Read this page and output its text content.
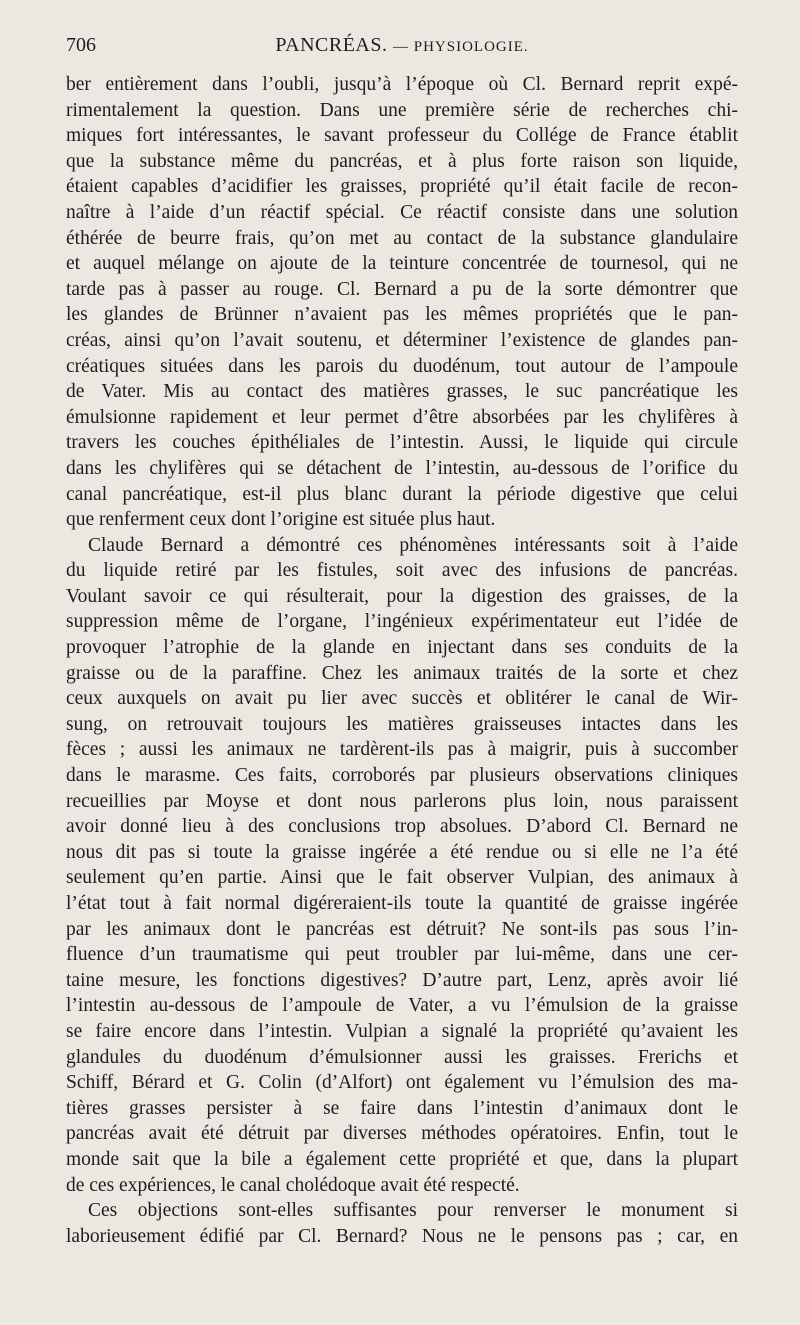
706	PANCRÉAS. — PHYSIOLOGIE.
ber entièrement dans l’oubli, jusqu’à l’époque où Cl. Bernard reprit expé-
rimentalement la question. Dans une première série de recherches chi-
miques fort intéressantes, le savant professeur du Collége de France établit
que la substance même du pancréas, et à plus forte raison son liquide,
étaient capables d’acidifier les graisses, propriété qu’il était facile de recon-
naître à l’aide d’un réactif spécial. Ce réactif consiste dans une solution
éthérée de beurre frais, qu’on met au contact de la substance glandulaire
et auquel mélange on ajoute de la teinture concentrée de tournesol, qui ne
tarde pas à passer au rouge. Cl. Bernard a pu de la sorte démontrer que
les glandes de Brünner n’avaient pas les mêmes propriétés que le pan-
créas, ainsi qu’on l’avait soutenu, et déterminer l’existence de glandes pan-
créatiques situées dans les parois du duodénum, tout autour de l’ampoule
de Vater. Mis au contact des matières grasses, le suc pancréatique les
émulsionne rapidement et leur permet d’être absorbées par les chylifères à
travers les couches épithéliales de l’intestin. Aussi, le liquide qui circule
dans les chylifères qui se détachent de l’intestin, au-dessous de l’orifice du
canal pancréatique, est-il plus blanc durant la période digestive que celui
que renferment ceux dont l’origine est située plus haut.
Claude Bernard a démontré ces phénomènes intéressants soit à l’aide
du liquide retiré par les fistules, soit avec des infusions de pancréas.
Voulant savoir ce qui résulterait, pour la digestion des graisses, de la
suppression même de l’organe, l’ingénieux expérimentateur eut l’idée de
provoquer l’atrophie de la glande en injectant dans ses conduits de la
graisse ou de la paraffine. Chez les animaux traités de la sorte et chez
ceux auxquels on avait pu lier avec succès et oblitérer le canal de Wir-
sung, on retrouvait toujours les matières graisseuses intactes dans les
fèces ; aussi les animaux ne tardèrent-ils pas à maigrir, puis à succomber
dans le marasme. Ces faits, corroborés par plusieurs observations cliniques
recueillies par Moyse et dont nous parlerons plus loin, nous paraissent
avoir donné lieu à des conclusions trop absolues. D’abord Cl. Bernard ne
nous dit pas si toute la graisse ingérée a été rendue ou si elle ne l’a été
seulement qu’en partie. Ainsi que le fait observer Vulpian, des animaux à
l’état tout à fait normal digéreraient-ils toute la quantité de graisse ingérée
par les animaux dont le pancréas est détruit? Ne sont-ils pas sous l’in-
fluence d’un traumatisme qui peut troubler par lui-même, dans une cer-
taine mesure, les fonctions digestives? D’autre part, Lenz, après avoir lié
l’intestin au-dessous de l’ampoule de Vater, a vu l’émulsion de la graisse
se faire encore dans l’intestin. Vulpian a signalé la propriété qu’avaient les
glandules du duodénum d’émulsionner aussi les graisses. Frerichs et
Schiff, Bérard et G. Colin (d’Alfort) ont également vu l’émulsion des ma-
tières grasses persister à se faire dans l’intestin d’animaux dont le
pancréas avait été détruit par diverses méthodes opératoires. Enfin, tout le
monde sait que la bile a également cette propriété et que, dans la plupart
de ces expériences, le canal cholédoque avait été respecté.
Ces objections sont-elles suffisantes pour renverser le monument si
laborieusement édifié par Cl. Bernard? Nous ne le pensons pas ; car, en
